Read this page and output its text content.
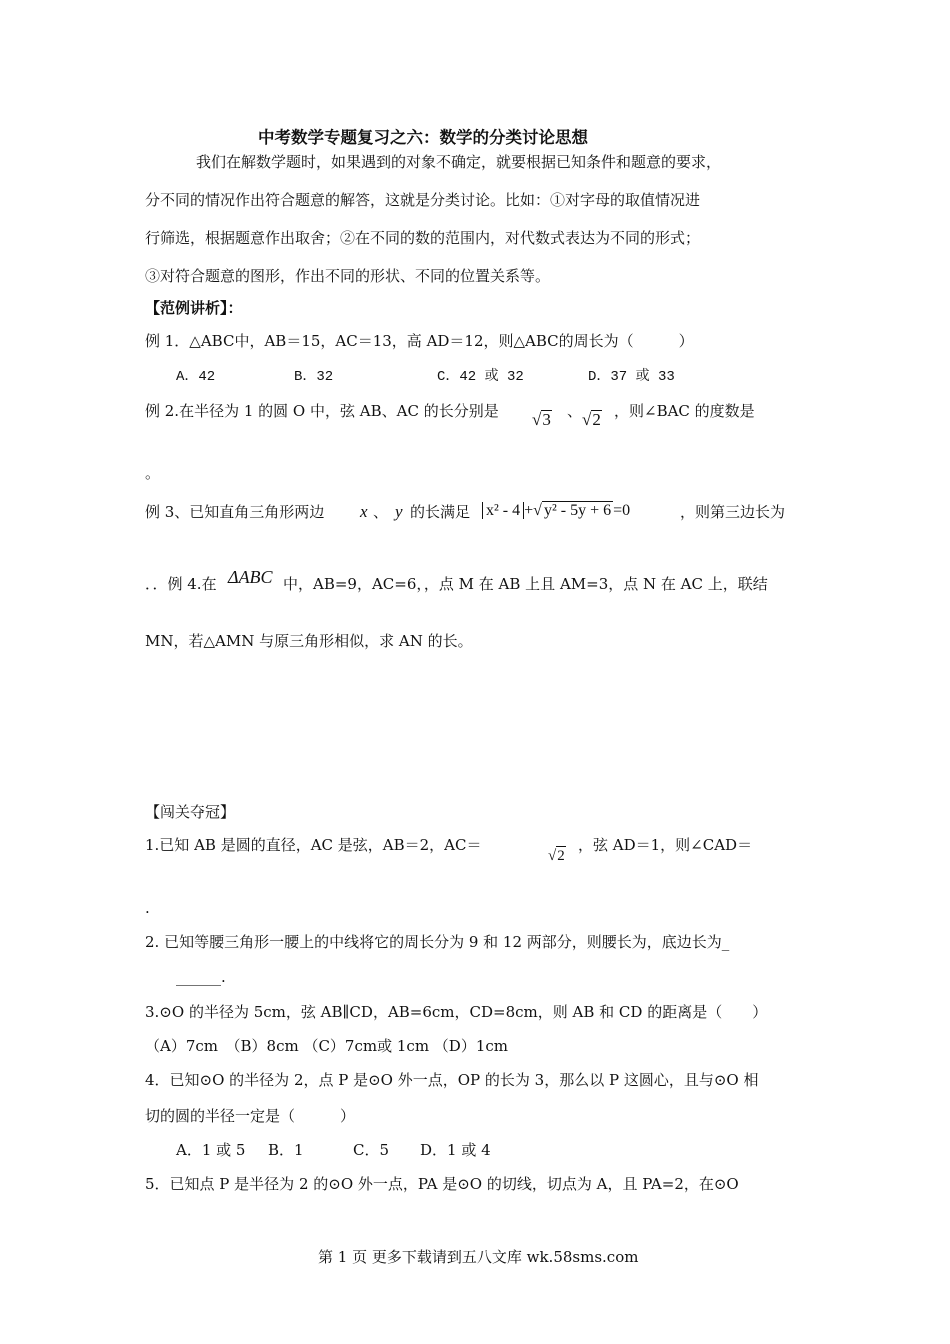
中考数学专题复习之六：数学的分类讨论思想
我们在解数学题时，如果遇到的对象不确定，就要根据已知条件和题意的要求，
分不同的情况作出符合题意的解答，这就是分类讨论。比如：①对字母的取值情况进
行筛选，根据题意作出取舍；②在不同的数的范围内，对代数式表达为不同的形式；
③对符合题意的图形，作出不同的形状、不同的位置关系等。
【范例讲析】：
例 1．△ABC中，AB＝15，AC＝13，高 AD＝12，则△ABC的周长为（　　　）
A．42	B．32	C．42 或 32	D．37 或 33
例 2.在半径为 1 的圆 O 中，弦 AB、AC 的长分别是 √3 、 √2 ，则∠BAC 的度数是
。
例 3、已知直角三角形两边 x 、 y 的长满足 x² - 4 +√ y² - 5y + 6 =0	，则第三边长为
．．例 4.在 ΔABC 中，AB=9，AC=6，，点 M 在 AB 上且 AM=3，点 N 在 AC 上，联结
MN，若△AMN 与原三角形相似，求 AN 的长。
【闯关夺冠】
1.已知 AB 是圆的直径，AC 是弦，AB＝2，AC＝
√2
，弦 AD＝1，则∠CAD＝
.
2. 已知等腰三角形一腰上的中线将它的周长分为 9 和 12 两部分，则腰长为，底边长为_
______.
3.⊙O 的半径为 5cm，弦 AB∥CD，AB=6cm，CD=8cm，则 AB 和 CD 的距离是（　　）
（A）7cm　（B）8cm （C）7cm或 1cm （D）1cm
4．已知⊙O 的半径为 2，点 P 是⊙O 外一点，OP 的长为 3，那么以 P 这圆心，且与⊙O 相
切的圆的半径一定是（　　　）
A．1 或 5 B．1	C．5 D．1 或 4
5．已知点 P 是半径为 2 的⊙O 外一点，PA 是⊙O 的切线，切点为 A，且 PA=2，在⊙O
第 1 页 更多下载请到五八文库 wk.58sms.com
